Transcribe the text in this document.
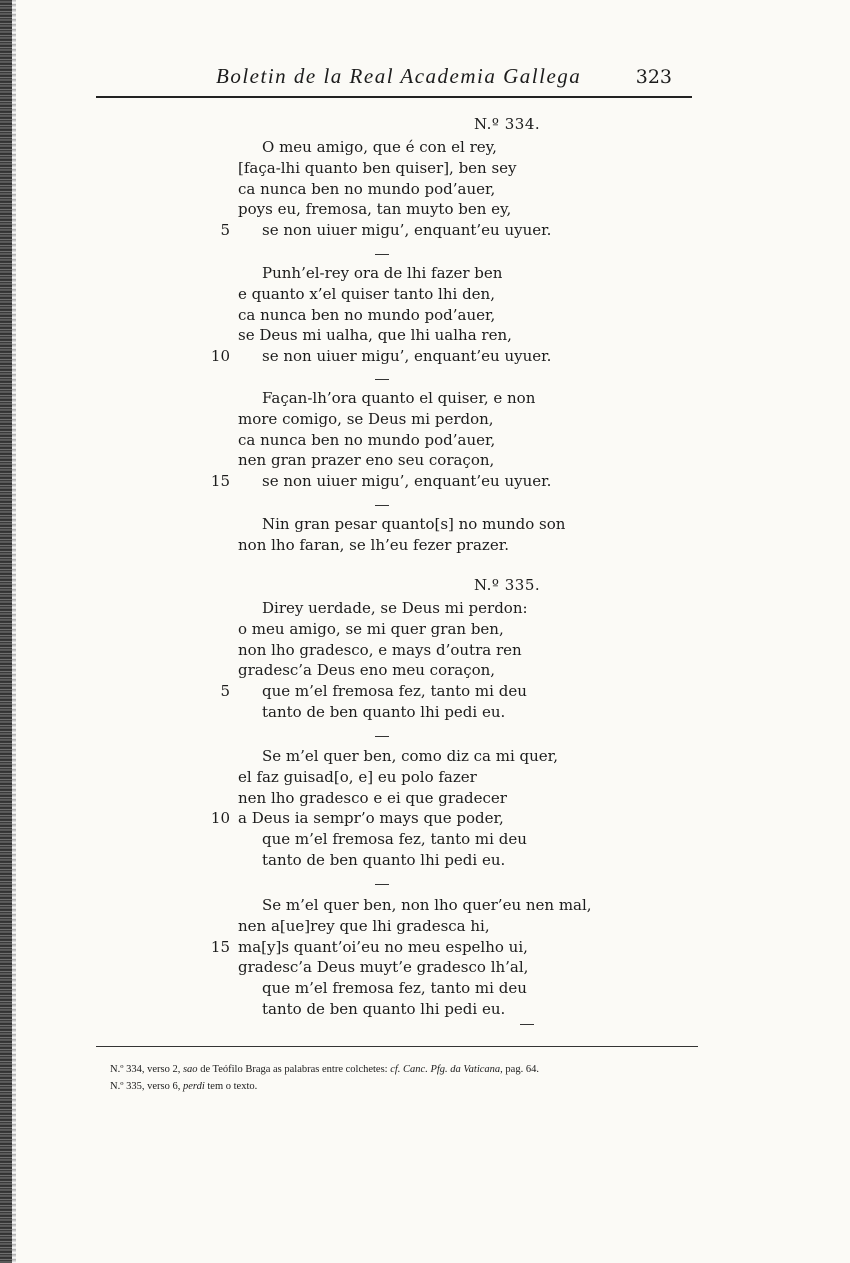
Boletin de la Real Academia Gallega	323
N.º 334.
O meu amigo, que é con el rey,
[faça-lhi quanto ben quiser], ben sey
ca nunca ben no mundo pod’auer,
poys eu, fremosa, tan muyto ben ey,
5 se non uiuer migu’, enquant’eu uyuer.
Punh’el-rey ora de lhi fazer ben
e quanto x’el quiser tanto lhi den,
ca nunca ben no mundo pod’auer,
se Deus mi ualha, que lhi ualha ren,
10 se non uiuer migu’, enquant’eu uyuer.
Façan-lh’ora quanto el quiser, e non
more comigo, se Deus mi perdon,
ca nunca ben no mundo pod’auer,
nen gran prazer eno seu coraçon,
15 se non uiuer migu’, enquant’eu uyuer.
Nin gran pesar quanto[s] no mundo son
non lho faran, se lh’eu fezer prazer.
N.º 335.
Direy uerdade, se Deus mi perdon:
o meu amigo, se mi quer gran ben,
non lho gradesco, e mays d’outra ren
gradesc’a Deus eno meu coraçon,
5 que m’el fremosa fez, tanto mi deu
tanto de ben quanto lhi pedi eu.
Se m’el quer ben, como diz ca mi quer,
el faz guisad[o, e] eu polo fazer
nen lho gradesco e ei que gradecer
10 a Deus ia sempr’o mays que poder,
que m’el fremosa fez, tanto mi deu
tanto de ben quanto lhi pedi eu.
Se m’el quer ben, non lho quer’eu nen mal,
nen a[ue]rey que lhi gradesca hi,
15 ma[y]s quant’oi’eu no meu espelho ui,
gradesc’a Deus muyt’e gradesco lh’al,
que m’el fremosa fez, tanto mi deu
tanto de ben quanto lhi pedi eu.
N.º 334, verso 2, sao de Teófilo Braga as palabras entre colchetes: cf. Canc. Pfg. da Vaticana, pag. 64.
N.º 335, verso 6, perdi tem o texto.
